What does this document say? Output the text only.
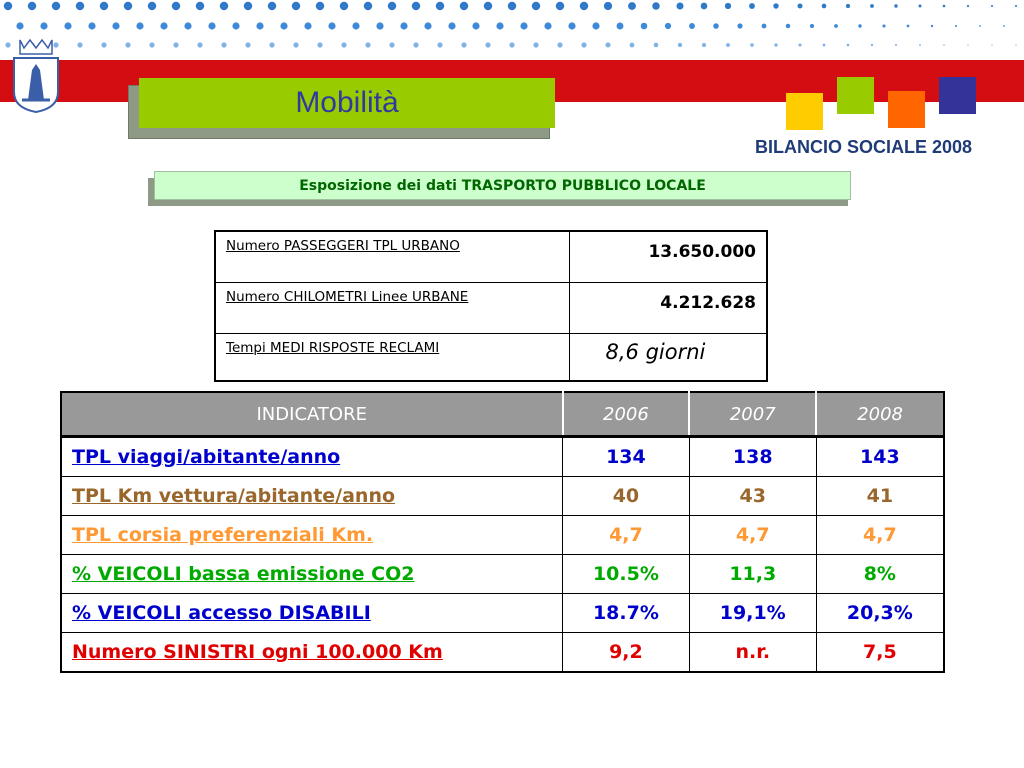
Mobilità
BILANCIO SOCIALE 2008
Esposizione dei dati TRASPORTO PUBBLICO LOCALE
Numero PASSEGGERI TPL URBANO	13.650.000
Numero CHILOMETRI Linee URBANE	4.212.628
Tempi MEDI RISPOSTE RECLAMI	8,6 giorni
INDICATORE	2006	2007	2008
TPL viaggi/abitante/anno	134	138	143
TPL Km vettura/abitante/anno	40	43	41
TPL corsia preferenziali Km.	4,7	4,7	4,7
% VEICOLI bassa emissione CO2	10.5%	11,3	8%
% VEICOLI accesso DISABILI	18.7%	19,1%	20,3%
Numero SINISTRI ogni 100.000 Km	9,2	n.r.	7,5
